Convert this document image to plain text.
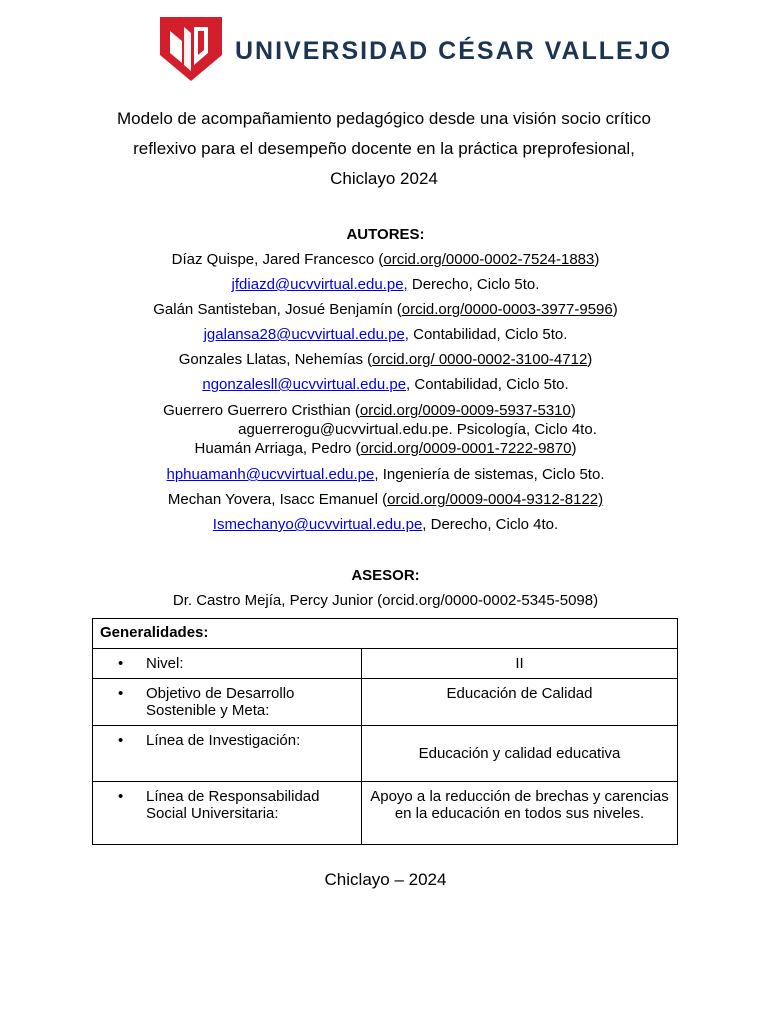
UNIVERSIDAD CÉSAR VALLEJO
Modelo de acompañamiento pedagógico desde una visión socio crítico
reflexivo para el desempeño docente en la práctica preprofesional,
Chiclayo 2024
AUTORES:
Díaz Quispe, Jared Francesco (orcid.org/0000-0002-7524-1883)
jfdiazd@ucvvirtual.edu.pe, Derecho, Ciclo 5to.
Galán Santisteban, Josué Benjamín (orcid.org/0000-0003-3977-9596)
jgalansa28@ucvvirtual.edu.pe, Contabilidad, Ciclo 5to.
Gonzales Llatas, Nehemías (orcid.org/ 0000-0002-3100-4712)
ngonzalesll@ucvvirtual.edu.pe, Contabilidad, Ciclo 5to.
Guerrero Guerrero Cristhian (orcid.org/0009-0009-5937-5310)
aguerrerogu@ucvvirtual.edu.pe. Psicología, Ciclo 4to.
Huamán Arriaga, Pedro (orcid.org/0009-0001-7222-9870)
hphuamanh@ucvvirtual.edu.pe, Ingeniería de sistemas, Ciclo 5to.
Mechan Yovera, Isacc Emanuel (orcid.org/0009-0004-9312-8122)
Ismechanyo@ucvvirtual.edu.pe, Derecho, Ciclo 4to.
ASESOR:
Dr. Castro Mejía, Percy Junior (orcid.org/0000-0002-5345-5098)
Generalidades:	

• Nivel:	II

• Objetivo de Desarrollo Sostenible y Meta:	Educación de Calidad

• Línea de Investigación:	Educación y calidad educativa

• Línea de Responsabilidad Social Universitaria:	Apoyo a la reducción de brechas y carencias en la educación en todos sus niveles.
Chiclayo – 2024
